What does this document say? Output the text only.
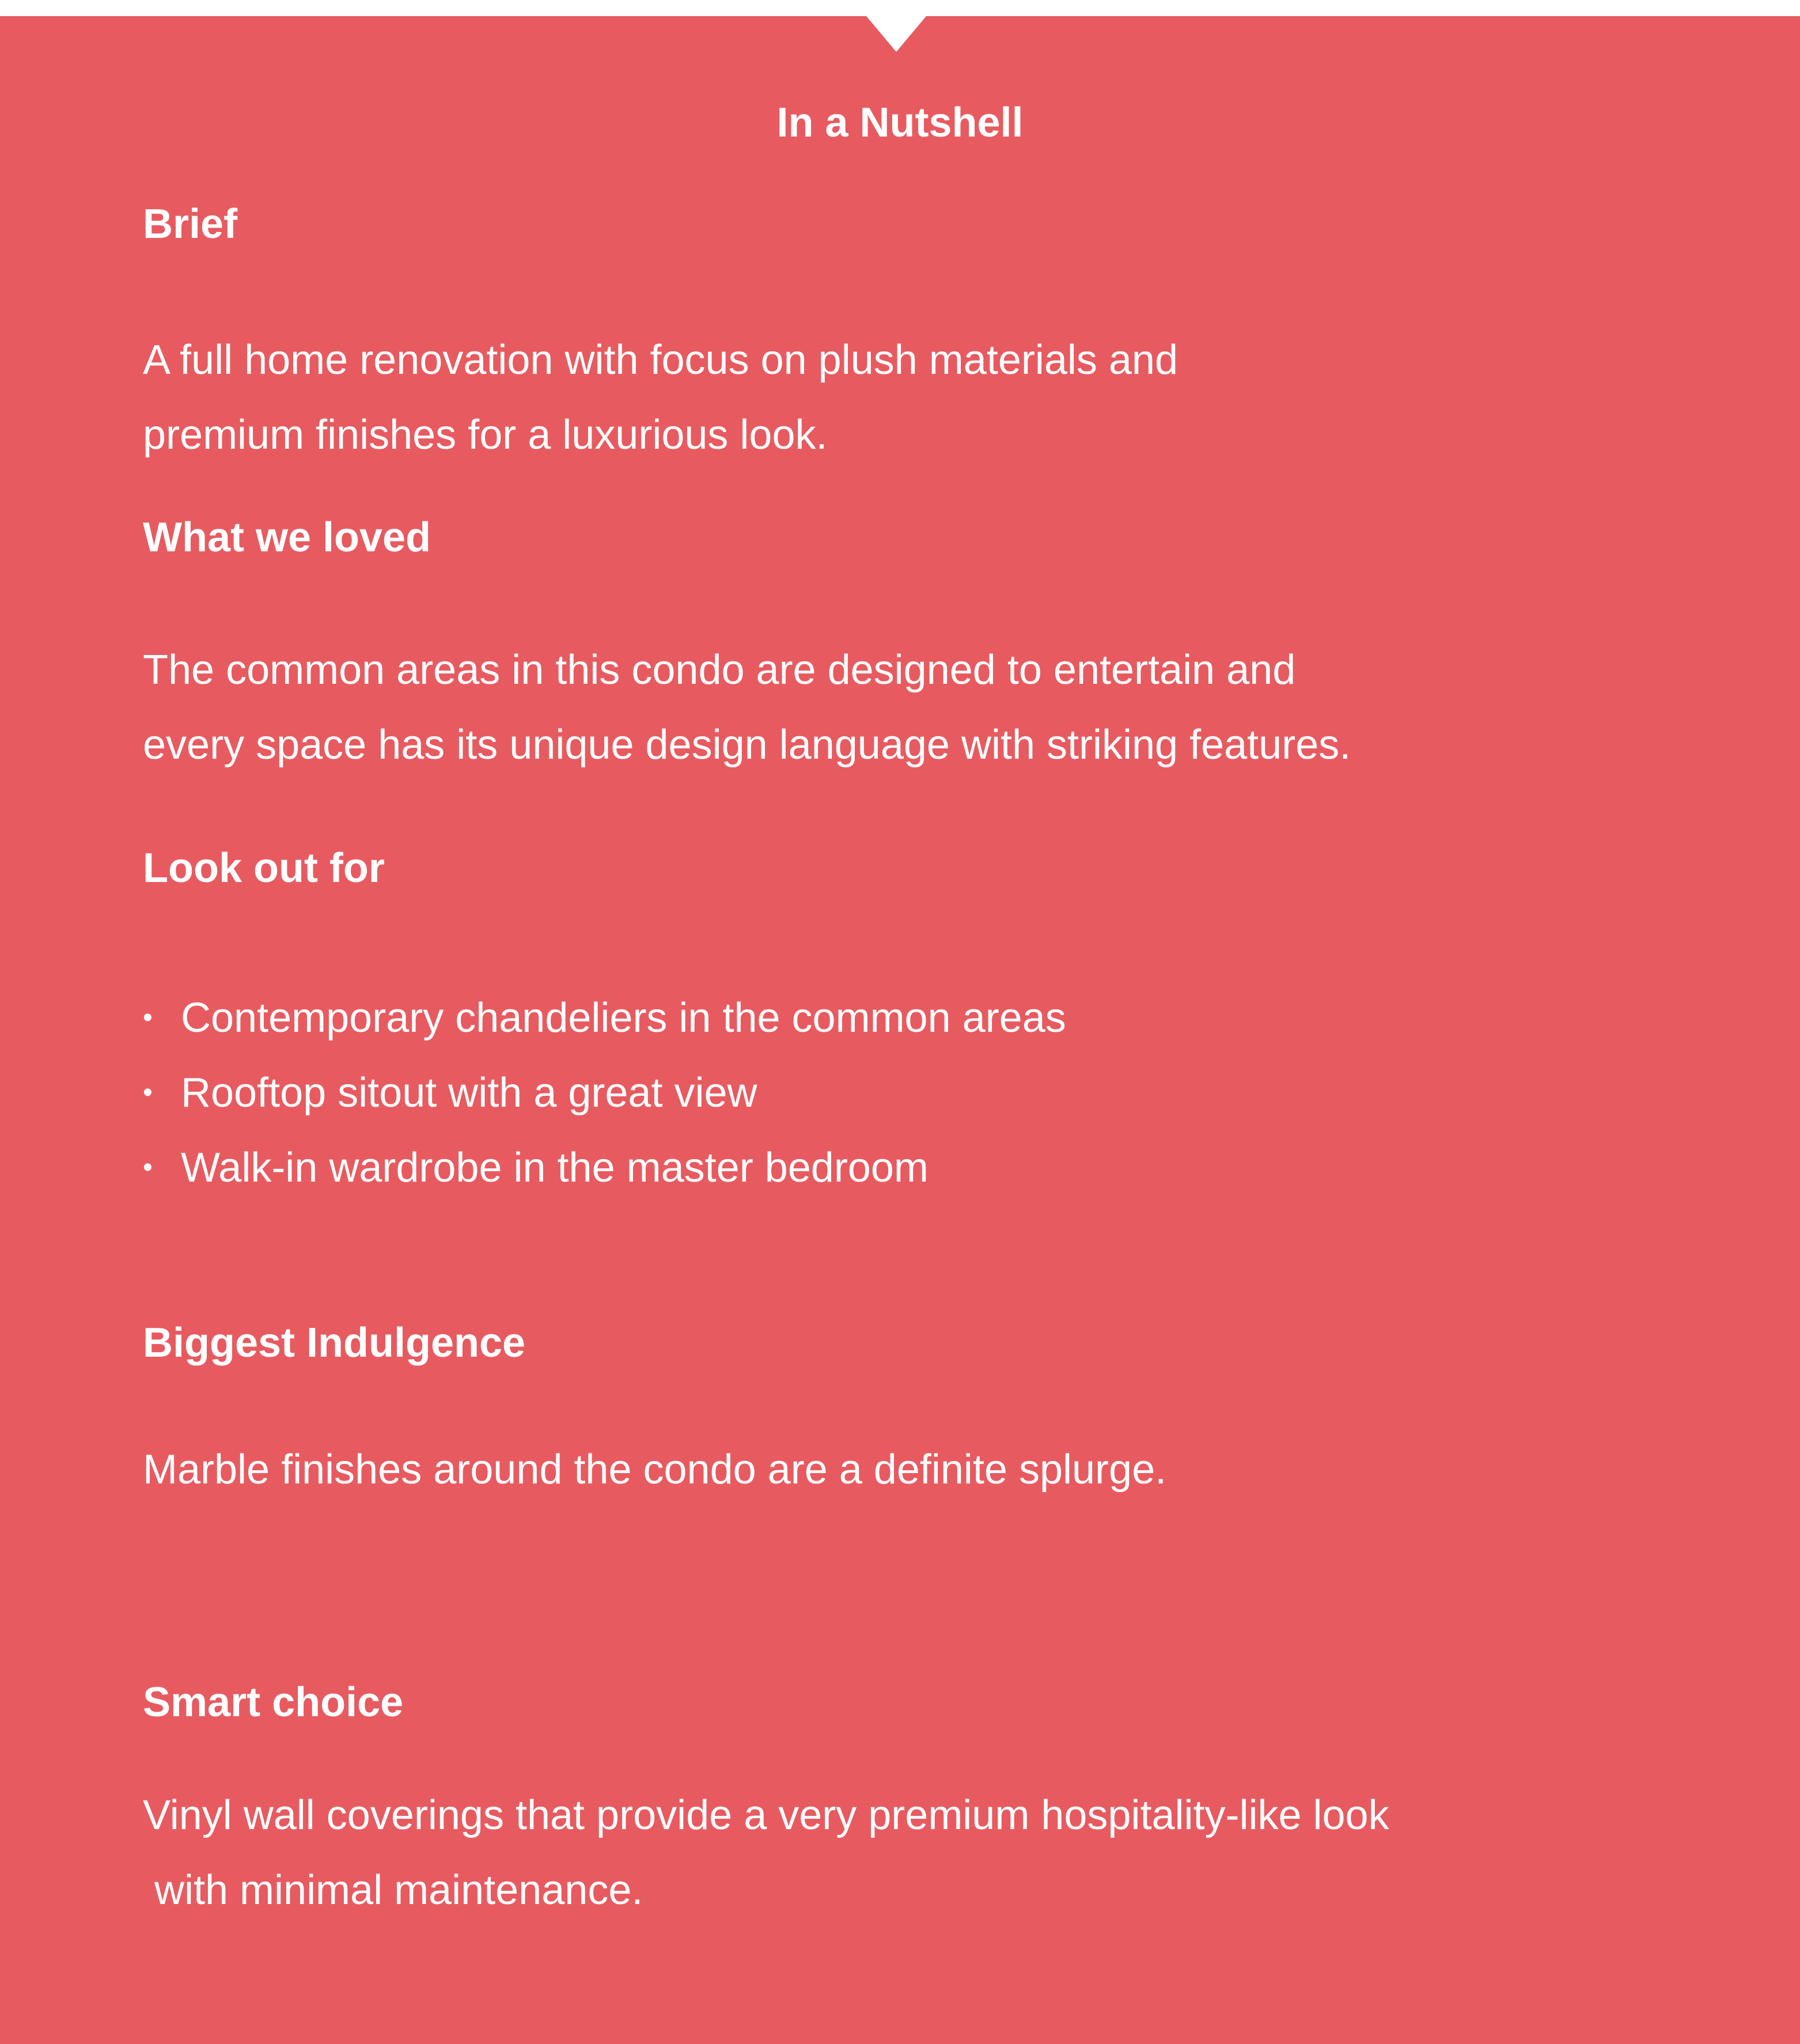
In a Nutshell
Brief
A full home renovation with focus on plush materials and
premium finishes for a luxurious look.
What we loved
The common areas in this condo are designed to entertain and
every space has its unique design language with striking features.
Look out for
• Contemporary chandeliers in the common areas
• Rooftop sitout with a great view
• Walk-in wardrobe in the master bedroom
Biggest Indulgence
Marble finishes around the condo are a definite splurge.
Smart choice
Vinyl wall coverings that provide a very premium hospitality-like look
with minimal maintenance.
